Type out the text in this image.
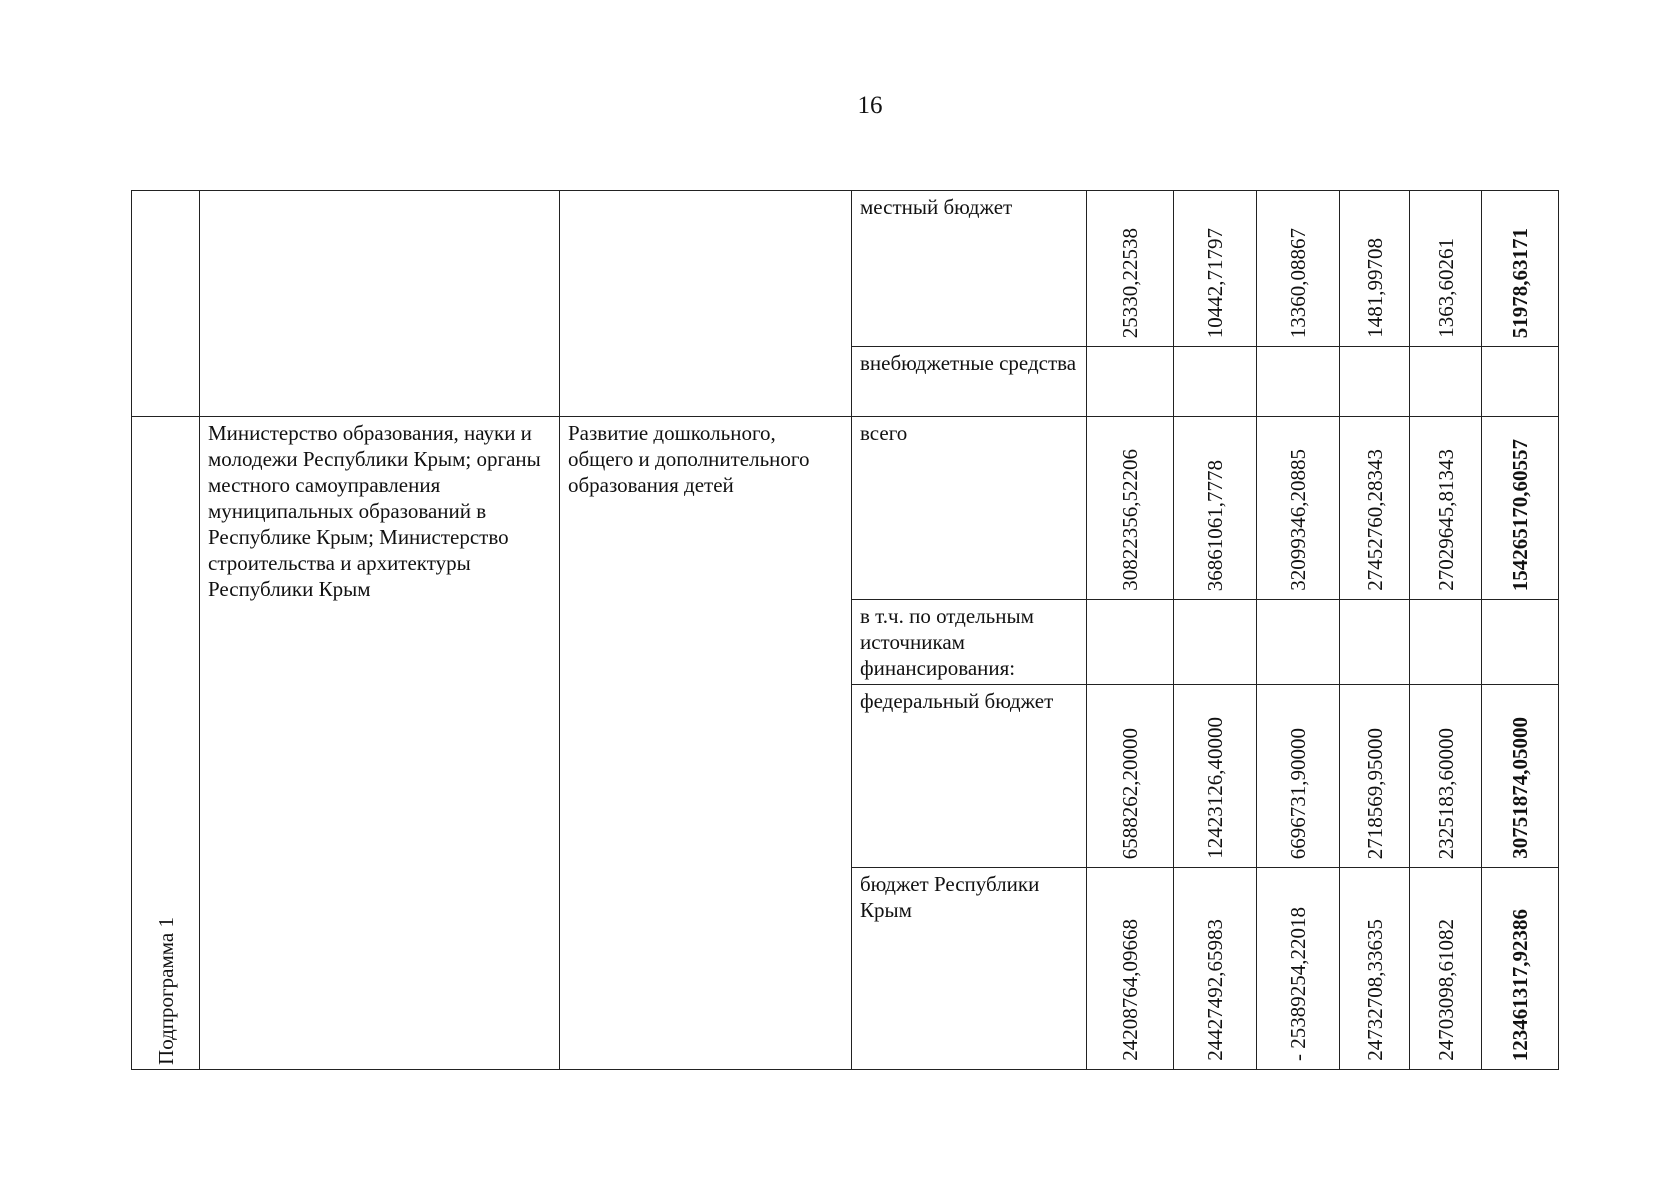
16
			местный бюджет	25330,22538	10442,71797	13360,08867	1481,99708	1363,60261	51978,63171

			внебюджетные средства						

Подпрограмма 1	Министерство образования, науки и молодежи Республики Крым; органы местного самоуправления муниципальных образований в Республике Крым; Министерство строительства и архитектуры Республики Крым	Развитие дошкольного, общего и дополнительного образования детей	всего	30822356,52206	36861061,7778	32099346,20885	27452760,28343	27029645,81343	154265170,60557

			в т.ч. по отдельным источникам финансирования:						
			федеральный бюджет	6588262,20000	12423126,40000	6696731,90000	2718569,95000	2325183,60000	30751874,05000

			бюджет Республики Крым	24208764,09668	24427492,65983	- 25389254,22018	24732708,33635	24703098,61082	123461317,92386
